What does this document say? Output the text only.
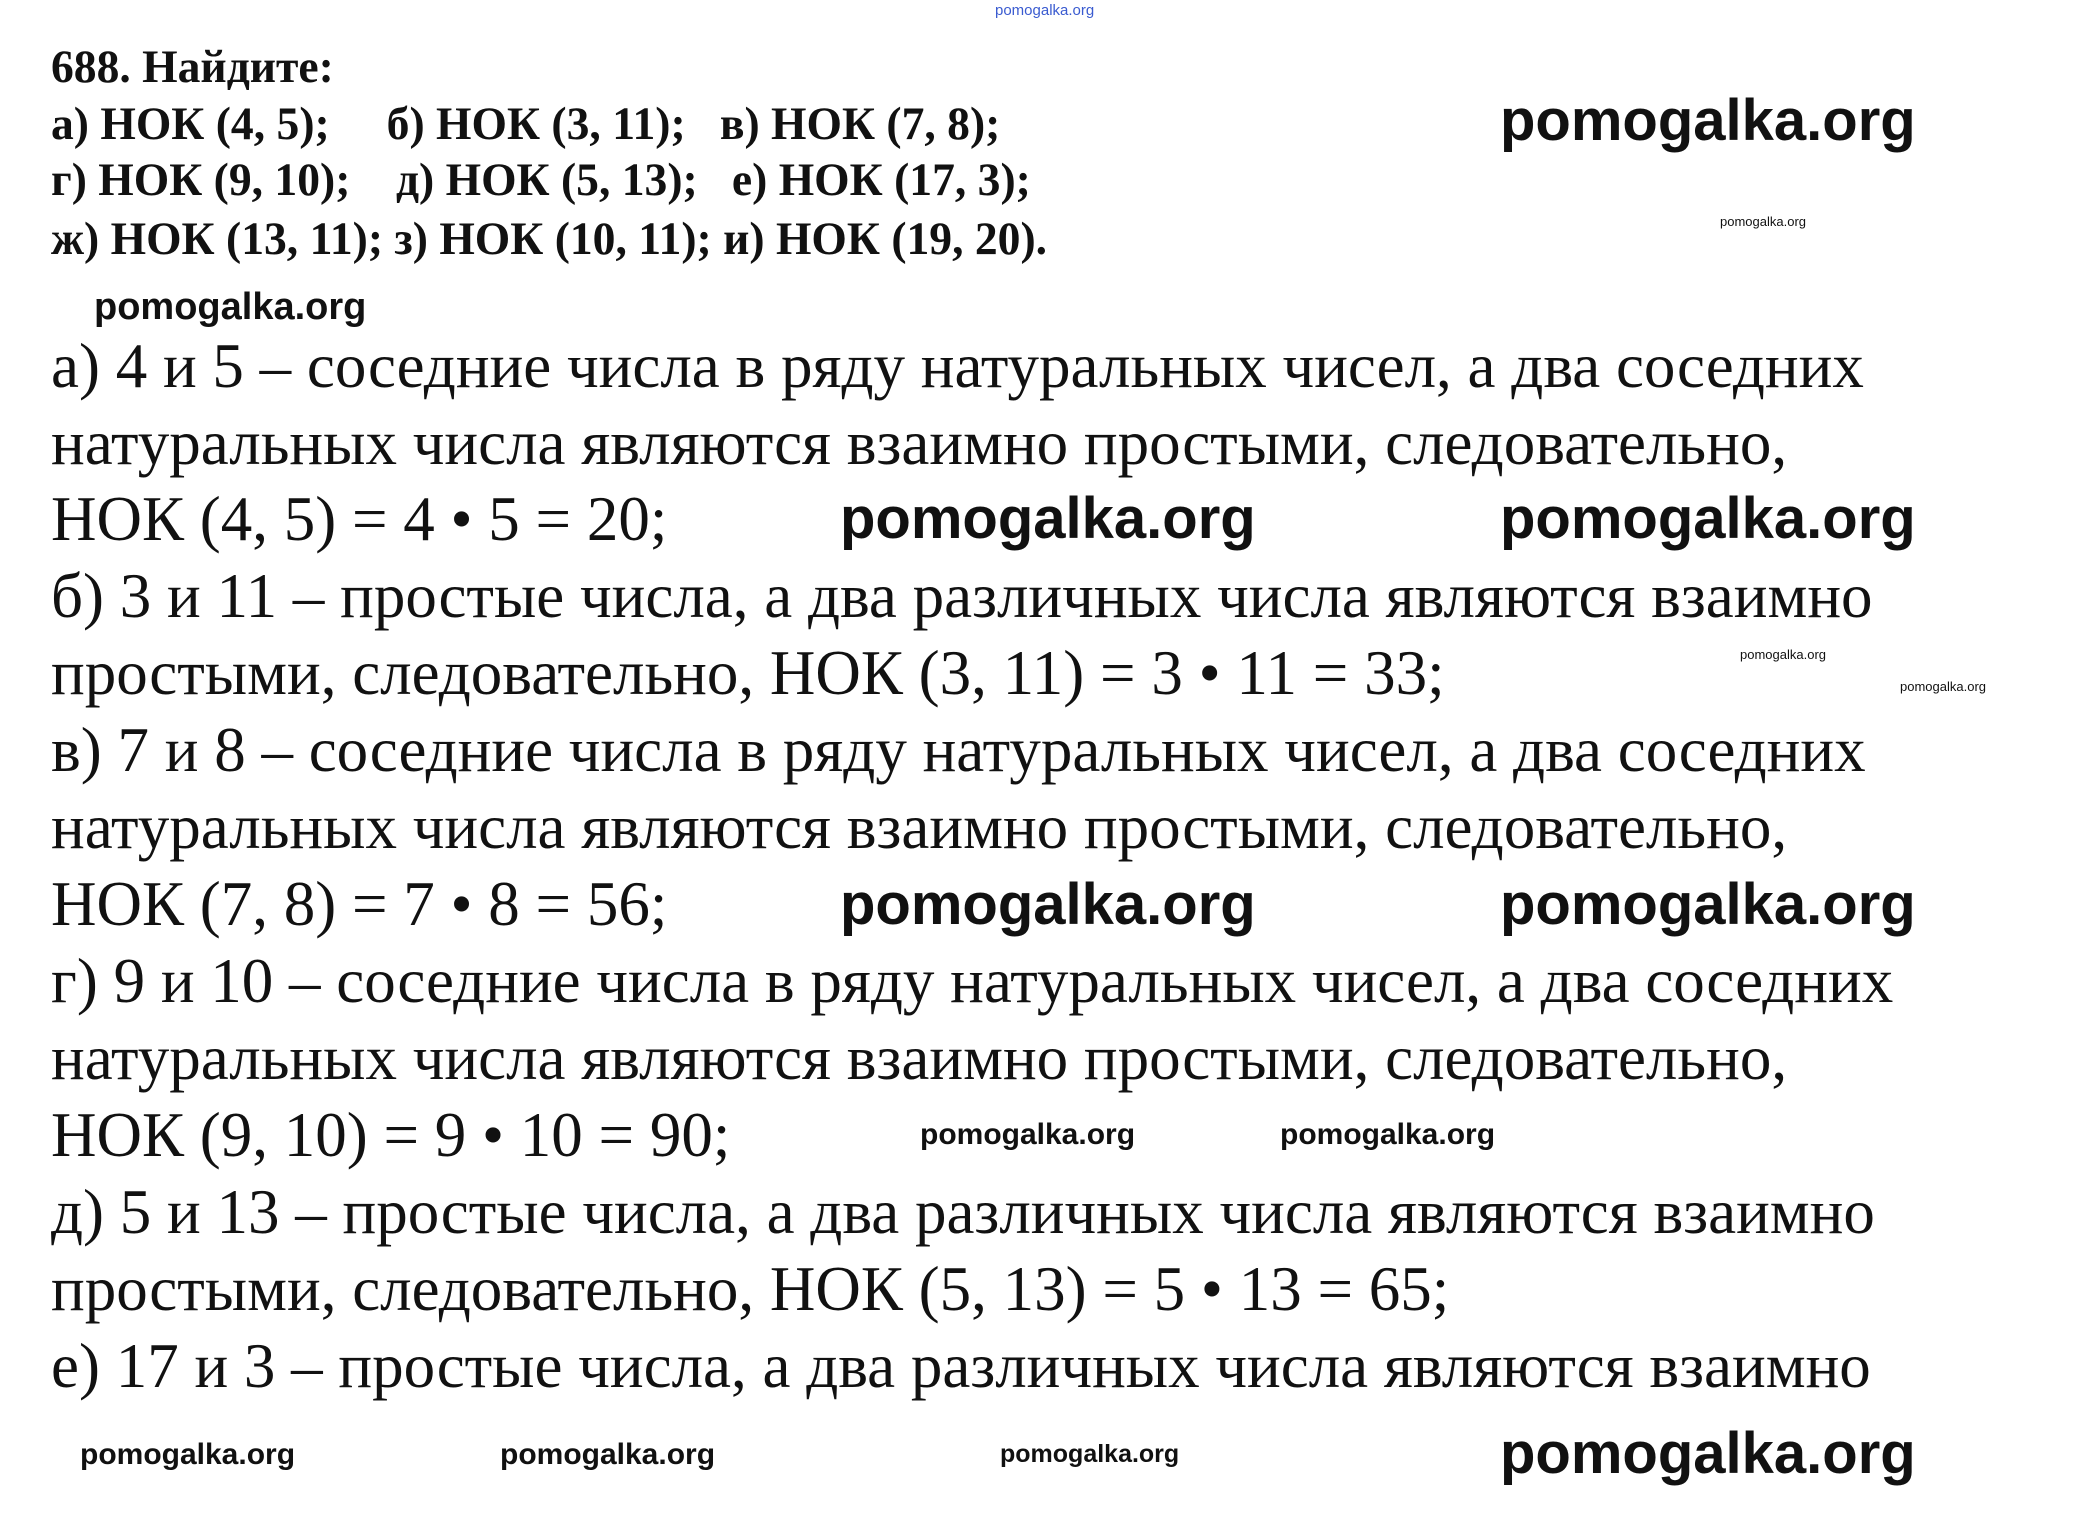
pomogalka.org
688. Найдите:
а) НОК (4, 5);     б) НОК (3, 11);   в) НОК (7, 8);
г) НОК (9, 10);    д) НОК (5, 13);   е) НОК (17, 3);
ж) НОК (13, 11); з) НОК (10, 11); и) НОК (19, 20).
а) 4 и 5 – соседние числа в ряду натуральных чисел, а два соседних
натуральных числа являются взаимно простыми, следовательно,
НОК (4, 5) = 4 • 5 = 20;
б) 3 и 11 – простые числа, а два различных числа являются взаимно
простыми, следовательно, НОК (3, 11) = 3 • 11 = 33;
в) 7 и 8 – соседние числа в ряду натуральных чисел, а два соседних
натуральных числа являются взаимно простыми, следовательно,
НОК (7, 8) = 7 • 8 = 56;
г) 9 и 10 – соседние числа в ряду натуральных чисел, а два соседних
натуральных числа являются взаимно простыми, следовательно,
НОК (9, 10) = 9 • 10 = 90;
д) 5 и 13 – простые числа, а два различных числа являются взаимно
простыми, следовательно, НОК (5, 13) = 5 • 13 = 65;
е) 17 и 3 – простые числа, а два различных числа являются взаимно
pomogalka.org
pomogalka.org
pomogalka.org
pomogalka.org	pomogalka.org
pomogalka.org
pomogalka.org
pomogalka.org
pomogalka.org	pomogalka.org
pomogalka.org
pomogalka.org	pomogalka.org	pomogalka.org
pomogalka.org
